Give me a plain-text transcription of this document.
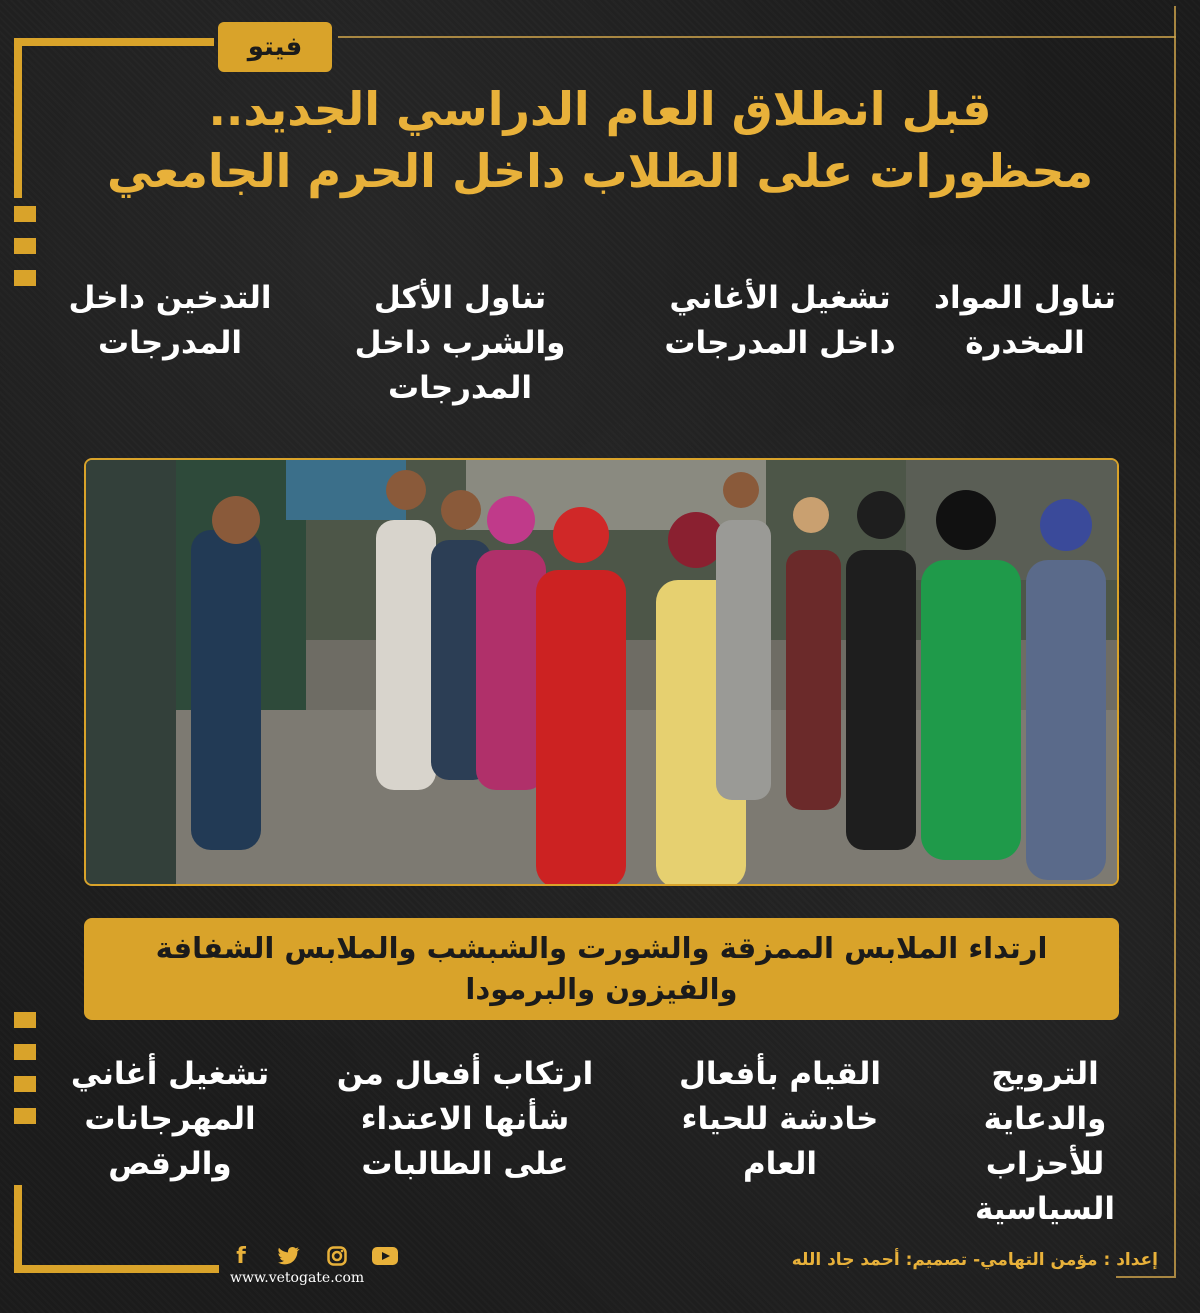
فيتو
قبل انطلاق العام الدراسي الجديد..
محظورات على الطلاب داخل الحرم الجامعي
تناول المواد
المخدرة
تشغيل الأغاني
داخل المدرجات
تناول الأكل
والشرب داخل
المدرجات
التدخين داخل
المدرجات
ارتداء الملابس الممزقة والشورت والشبشب والملابس الشفافة
والفيزون والبرمودا
الترويج
والدعاية
للأحزاب
السياسية
القيام بأفعال
خادشة للحياء
العام
ارتكاب أفعال من
شأنها الاعتداء
على الطالبات
تشغيل أغاني
المهرجانات
والرقص
f
www.vetogate.com
إعداد : مؤمن التهامي- تصميم: أحمد جاد الله
